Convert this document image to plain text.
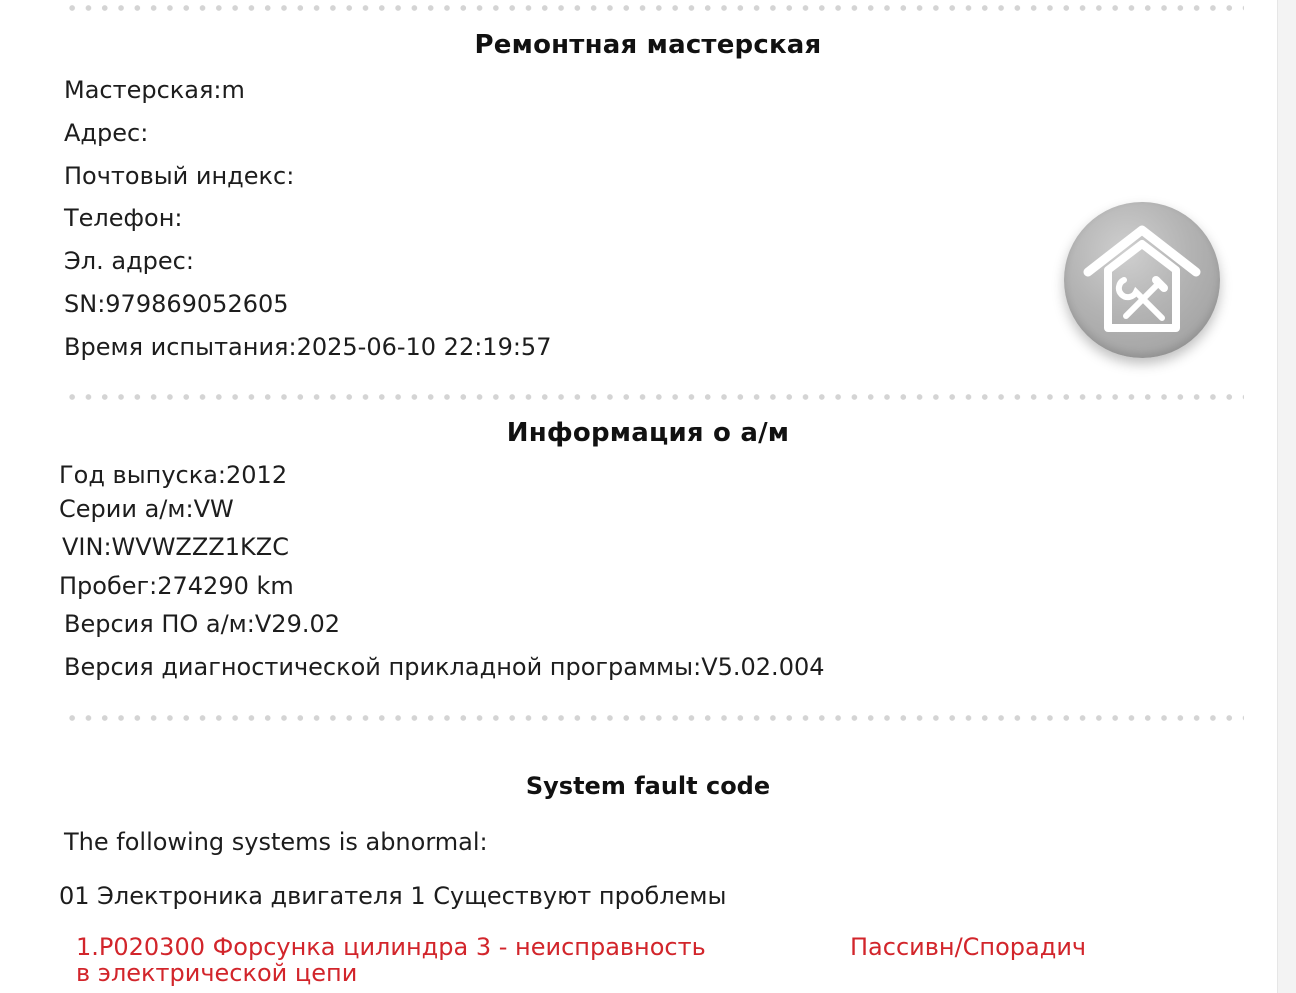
Ремонтная мастерская
Мастерская:m
Адрес:
Почтовый индекс:
Телефон:
Эл. адрес:
SN:979869052605
Время испытания:2025-06-10 22:19:57
Информация о а/м
Год выпуска:2012
Серии а/м:VW
VIN:WVWZZZ1KZC
Пробег:274290 km
Версия ПО а/м:V29.02
Версия диагностической прикладной программы:V5.02.004
System fault code
The following systems is abnormal:
01 Электроника двигателя 1 Существуют проблемы
1.P020300 Форсунка цилиндра 3 - неисправность в электрической цепи
Пассивн/Спорадич
